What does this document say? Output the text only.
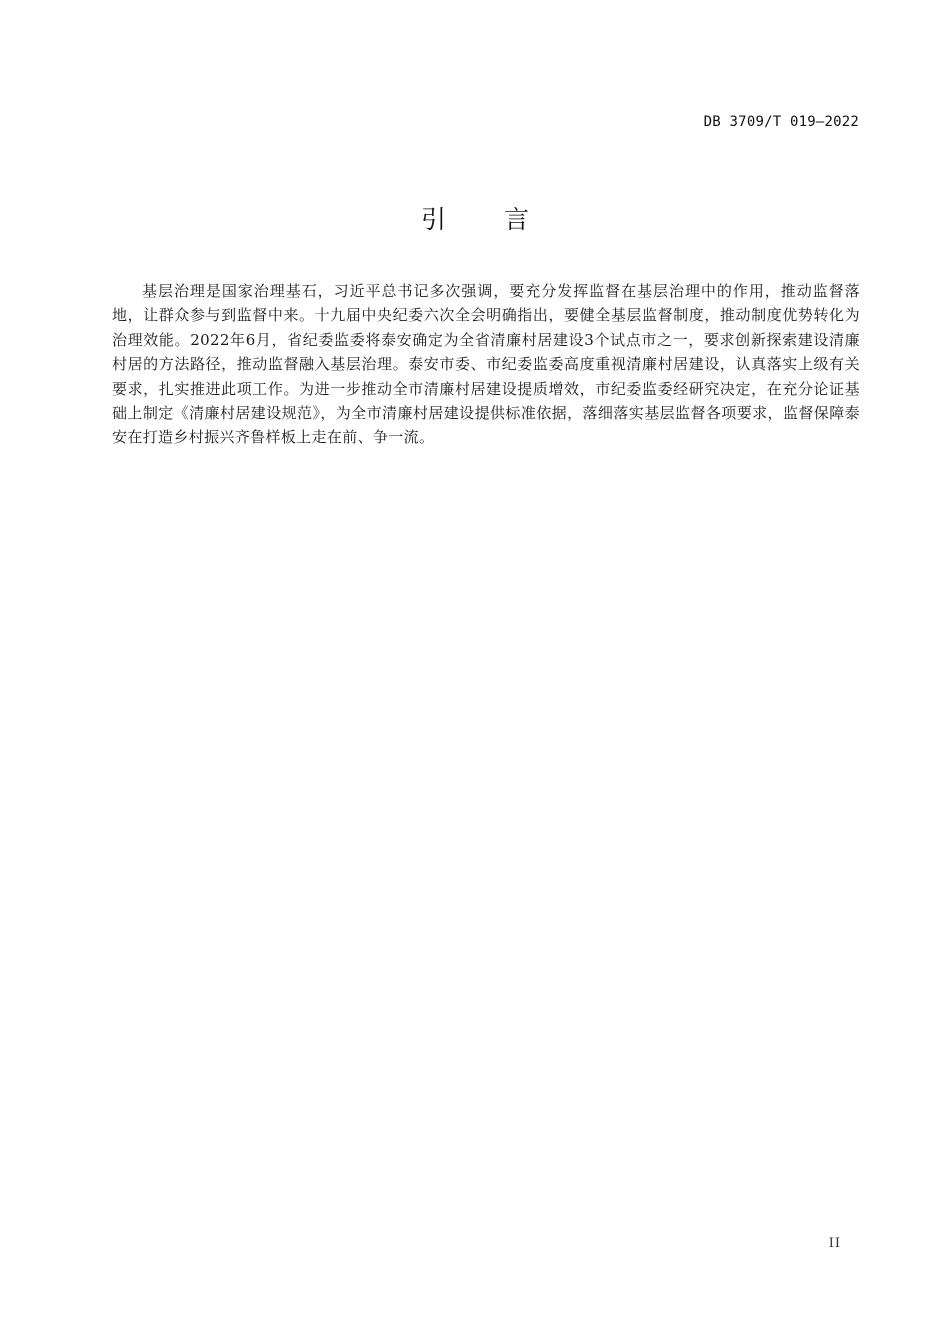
DB 3709/T 019—2022
引 言

基层治理是国家治理基石，习近平总书记多次强调，要充分发挥监督在基层治理中的作用，推动监督落地，让群众参与到监督中来。十九届中央纪委六次全会明确指出，要健全基层监督制度，推动制度优势转化为治理效能。2022年6月，省纪委监委将泰安确定为全省清廉村居建设3个试点市之一，要求创新探索建设清廉村居的方法路径，推动监督融入基层治理。泰安市委、市纪委监委高度重视清廉村居建设，认真落实上级有关要求，扎实推进此项工作。为进一步推动全市清廉村居建设提质增效，市纪委监委经研究决定，在充分论证基础上制定《清廉村居建设规范》，为全市清廉村居建设提供标准依据，落细落实基层监督各项要求，监督保障泰安在打造乡村振兴齐鲁样板上走在前、争一流。

II
